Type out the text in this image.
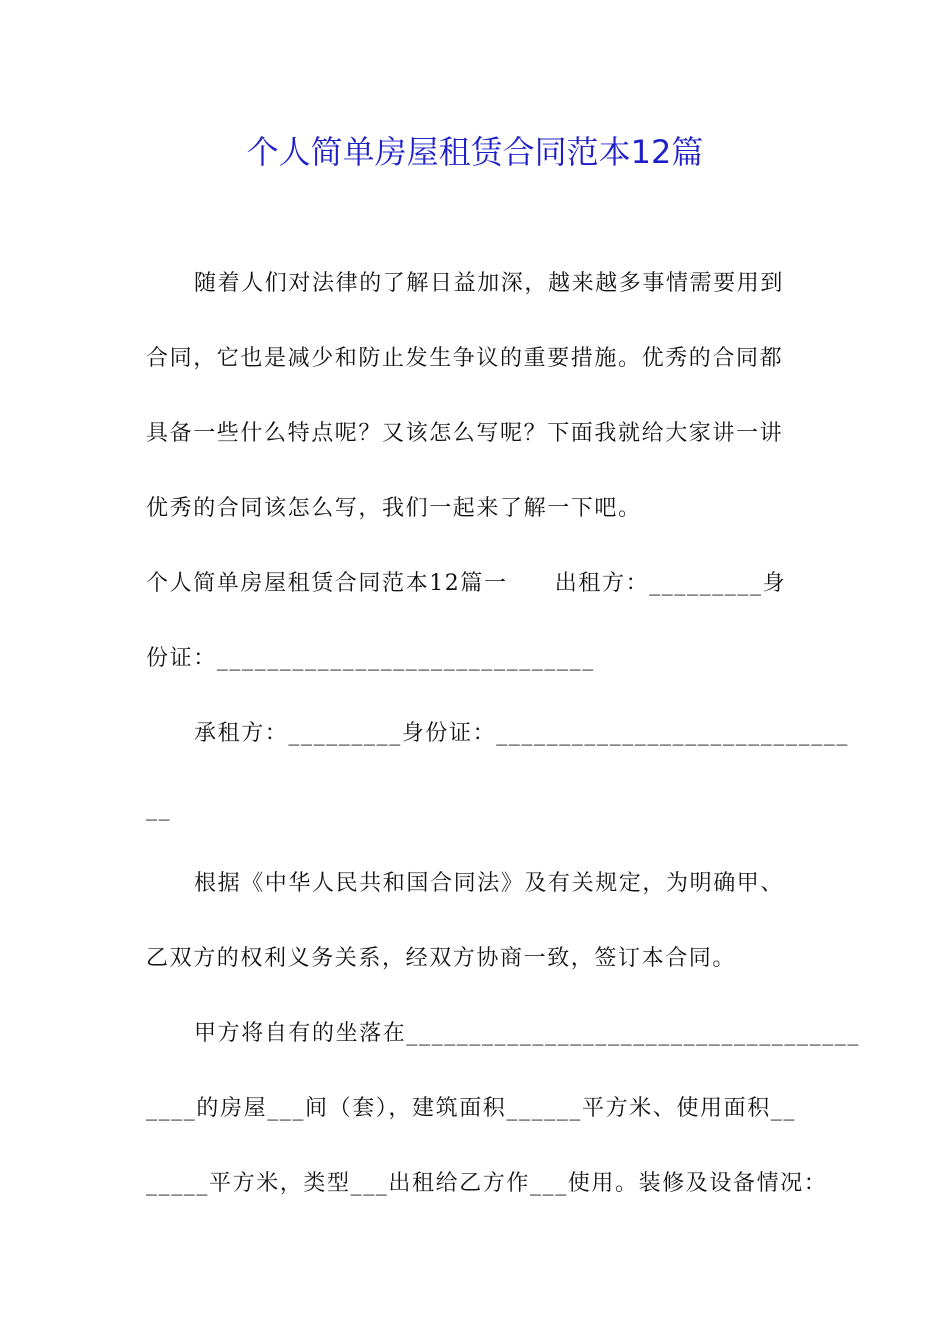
个人简单房屋租赁合同范本12篇
随着人们对法律的了解日益加深，越来越多事情需要用到
合同，它也是减少和防止发生争议的重要措施。优秀的合同都
具备一些什么特点呢？又该怎么写呢？下面我就给大家讲一讲
优秀的合同该怎么写，我们一起来了解一下吧。
个人简单房屋租赁合同范本12篇一　　出租方：_________身
份证：______________________________
承租方：_________身份证：____________________________
__
根据《中华人民共和国合同法》及有关规定，为明确甲、
乙双方的权利义务关系，经双方协商一致，签订本合同。
甲方将自有的坐落在____________________________________
____的房屋___间（套），建筑面积______平方米、使用面积__
_____平方米，类型___出租给乙方作___使用。装修及设备情况：
